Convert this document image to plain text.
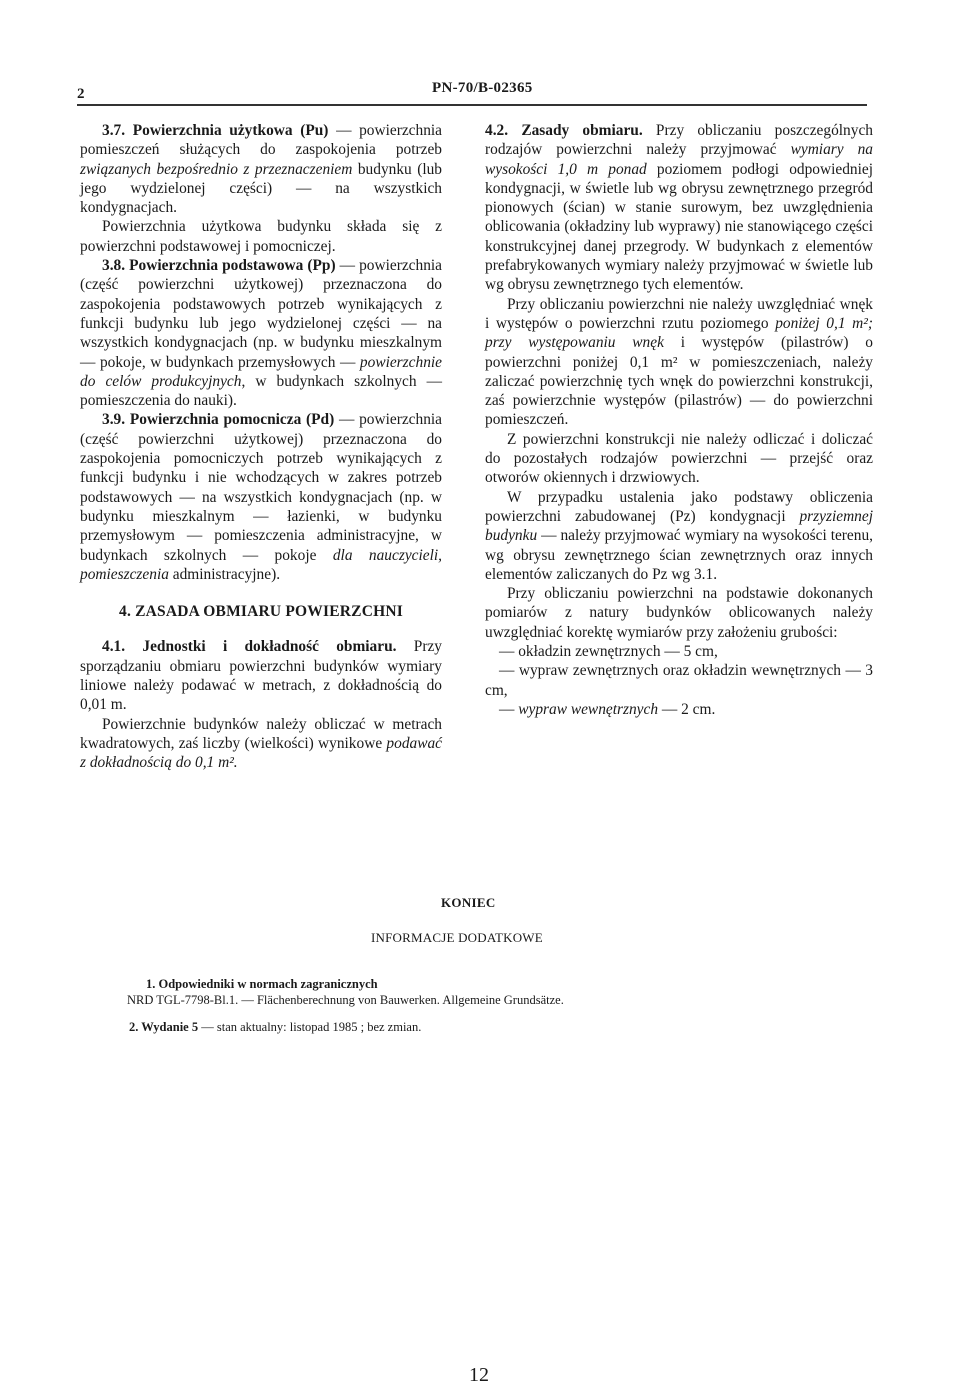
2	PN-70/B-02365

3.7. Powierzchnia użytkowa (Pu) — powierzchnia pomieszczeń służących do zaspokojenia potrzeb związanych bezpośrednio z przeznaczeniem budynku (lub jego wydzielonej części) — na wszystkich kondygnacjach.

Powierzchnia użytkowa budynku składa się z powierzchni podstawowej i pomocniczej.

3.8. Powierzchnia podstawowa (Pp) — powierzchnia (część powierzchni użytkowej) przeznaczona do zaspokojenia podstawowych potrzeb wynikających z funkcji budynku lub jego wydzielonej części — na wszystkich kondygnacjach (np. w budynku mieszkalnym — pokoje, w budynkach przemysłowych — powierzchnie do celów produkcyjnych, w budynkach szkolnych — pomieszczenia do nauki).

3.9. Powierzchnia pomocnicza (Pd) — powierzchnia (część powierzchni użytkowej) przeznaczona do zaspokojenia pomocniczych potrzeb wynikających z funkcji budynku i nie wchodzących w zakres potrzeb podstawowych — na wszystkich kondygnacjach (np. w budynku mieszkalnym — łazienki, w budynku przemysłowym — pomieszczenia administracyjne, w budynkach szkolnych — pokoje dla nauczycieli, pomieszczenia administracyjne).

4. ZASADA OBMIARU POWIERZCHNI

4.1. Jednostki i dokładność obmiaru. Przy sporządzaniu obmiaru powierzchni budynków wymiary liniowe należy podawać w metrach, z dokładnością do 0,01 m.

Powierzchnie budynków należy obliczać w metrach kwadratowych, zaś liczby (wielkości) wynikowe podawać z dokładnością do 0,1 m².

4.2. Zasady obmiaru. Przy obliczaniu poszczególnych rodzajów powierzchni należy przyjmować wymiary na wysokości 1,0 m ponad poziomem podłogi odpowiedniej kondygnacji, w świetle lub wg obrysu zewnętrznego przegród pionowych (ścian) w stanie surowym, bez uwzględnienia oblicowania (okładziny lub wyprawy) nie stanowiącego części konstrukcyjnej danej przegrody. W budynkach z elementów prefabrykowanych wymiary należy przyjmować w świetle lub wg obrysu zewnętrznego tych elementów.

Przy obliczaniu powierzchni nie należy uwzględniać wnęk i występów o powierzchni rzutu poziomego poniżej 0,1 m²; przy występowaniu wnęk i występów (pilastrów) o powierzchni poniżej 0,1 m² w pomieszczeniach, należy zaliczać powierzchnię tych wnęk do powierzchni konstrukcji, zaś powierzchnie występów (pilastrów) — do powierzchni pomieszczeń.

Z powierzchni konstrukcji nie należy odliczać i doliczać do pozostałych rodzajów powierzchni — przejść oraz otworów okiennych i drzwiowych.

W przypadku ustalenia jako podstawy obliczenia powierzchni zabudowanej (Pz) kondygnacji przyziemnej budynku — należy przyjmować wymiary na wysokości terenu, wg obrysu zewnętrznego ścian zewnętrznych oraz innych elementów zaliczanych do Pz wg 3.1.

Przy obliczaniu powierzchni na podstawie dokonanych pomiarów z natury budynków oblicowanych należy uwzględniać korektę wymiarów przy założeniu grubości:

— okładzin zewnętrznych — 5 cm,

— wypraw zewnętrznych oraz okładzin wewnętrznych — 3 cm,

— wypraw wewnętrznych — 2 cm.

KONIEC
INFORMACJE DODATKOWE
1. Odpowiedniki w normach zagranicznych
NRD TGL-7798-Bl.1. — Flächenberechnung von Bauwerken. Allgemeine Grundsätze.
2. Wydanie 5 — stan aktualny: listopad 1985 ; bez zmian.
12
